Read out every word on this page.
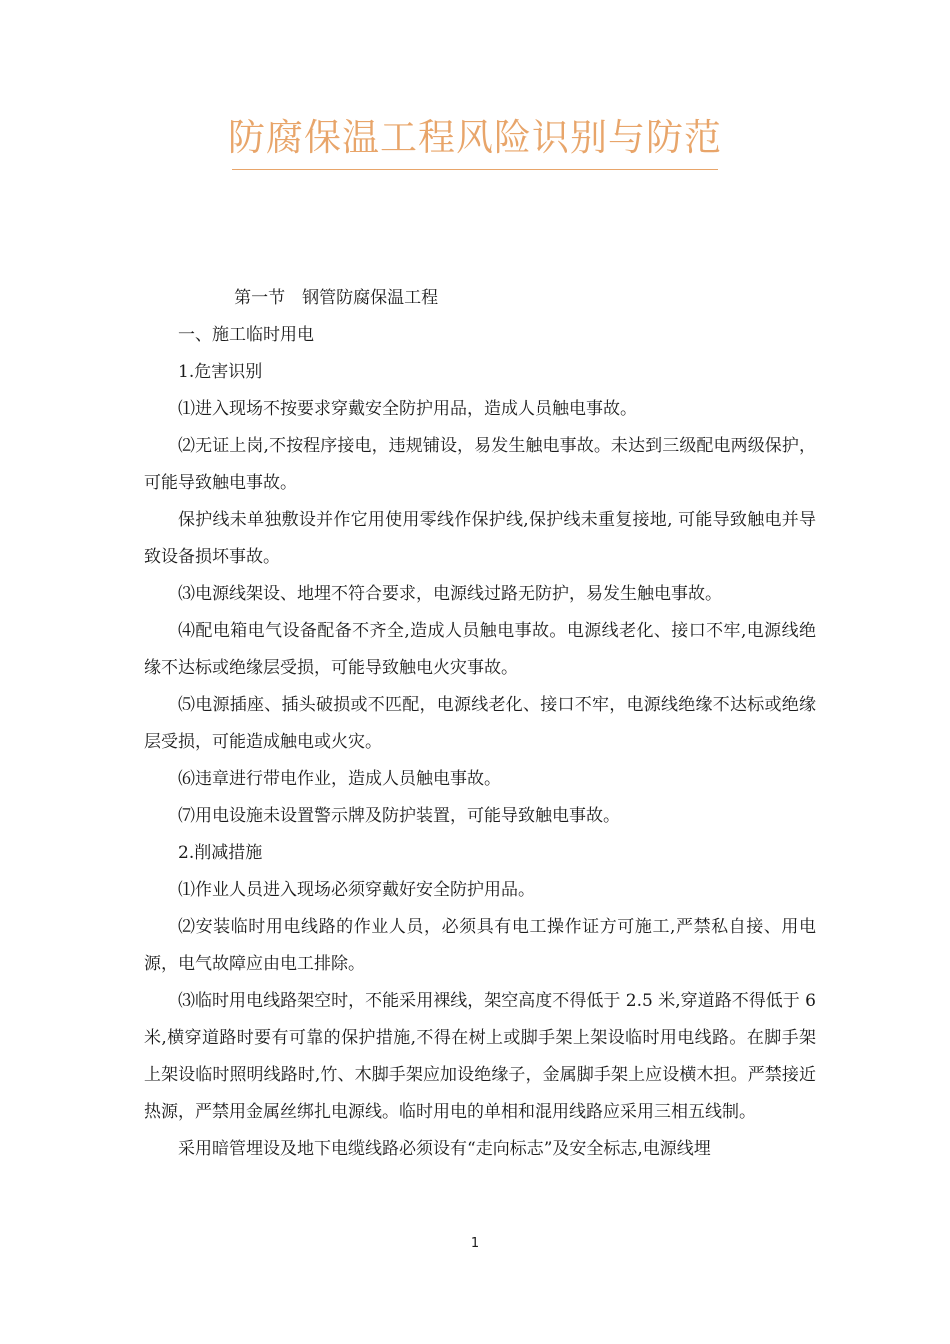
防腐保温工程风险识别与防范

第一节　钢管防腐保温工程

一、施工临时用电

1.危害识别

⑴进入现场不按要求穿戴安全防护用品，造成人员触电事故。

⑵无证上岗,不按程序接电，违规铺设，易发生触电事故。未达到三级配电两级保护，可能导致触电事故。

保护线未单独敷设并作它用使用零线作保护线,保护线未重复接地, 可能导致触电并导致设备损坏事故。

⑶电源线架设、地埋不符合要求，电源线过路无防护，易发生触电事故。

⑷配电箱电气设备配备不齐全,造成人员触电事故。电源线老化、接口不牢,电源线绝缘不达标或绝缘层受损，可能导致触电火灾事故。

⑸电源插座、插头破损或不匹配，电源线老化、接口不牢，电源线绝缘不达标或绝缘层受损，可能造成触电或火灾。

⑹违章进行带电作业，造成人员触电事故。

⑺用电设施未设置警示牌及防护装置，可能导致触电事故。

2.削减措施

⑴作业人员进入现场必须穿戴好安全防护用品。

⑵安装临时用电线路的作业人员，必须具有电工操作证方可施工,严禁私自接、用电源，电气故障应由电工排除。

⑶临时用电线路架空时，不能采用裸线，架空高度不得低于 2.5 米,穿道路不得低于 6 米,横穿道路时要有可靠的保护措施,不得在树上或脚手架上架设临时用电线路。在脚手架上架设临时照明线路时,竹、木脚手架应加设绝缘子，金属脚手架上应设横木担。严禁接近热源，严禁用金属丝绑扎电源线。临时用电的单相和混用线路应采用三相五线制。

采用暗管埋设及地下电缆线路必须设有“走向标志”及安全标志,电源线埋

1
